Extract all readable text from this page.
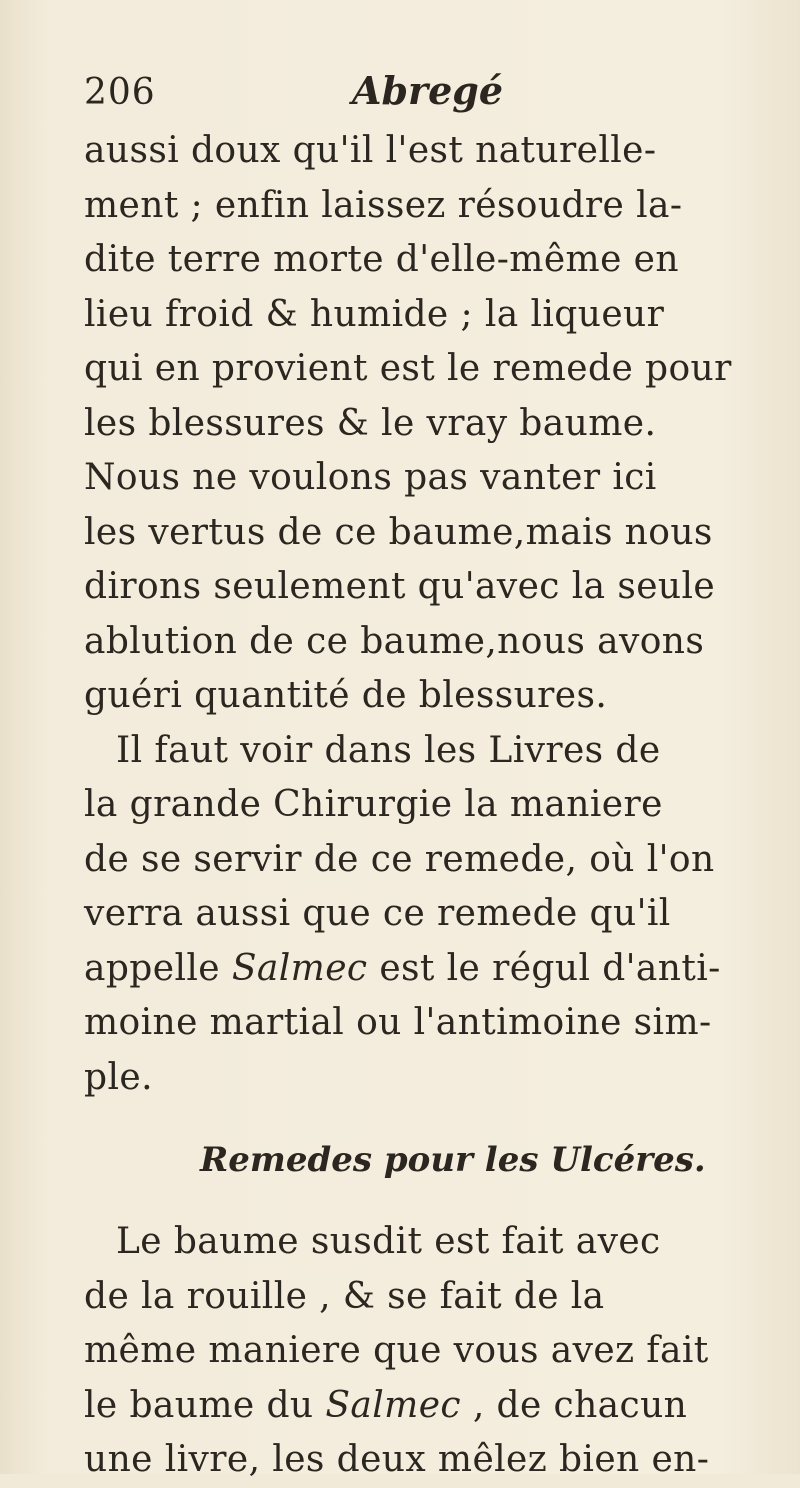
206	Abregé
aussi doux qu'il l'est naturelle-
ment ; enfin laissez résoudre la-
dite terre morte d'elle-même en
lieu froid & humide ; la liqueur
qui en provient est le remede pour
les blessures & le vray baume.
Nous ne voulons pas vanter ici
les vertus de ce baume,mais nous
dirons seulement qu'avec la seule
ablution de ce baume,nous avons
guéri quantité de blessures.
Il faut voir dans les Livres de
la grande Chirurgie la maniere
de se servir de ce remede, où l'on
verra aussi que ce remede qu'il
appelle Salmec est le régul d'anti-
moine martial ou l'antimoine sim-
ple.
Remedes pour les Ulcéres.
Le baume susdit est fait avec
de la rouille , & se fait de la
même maniere que vous avez fait
le baume du Salmec , de chacun
une livre, les deux mêlez bien en-
